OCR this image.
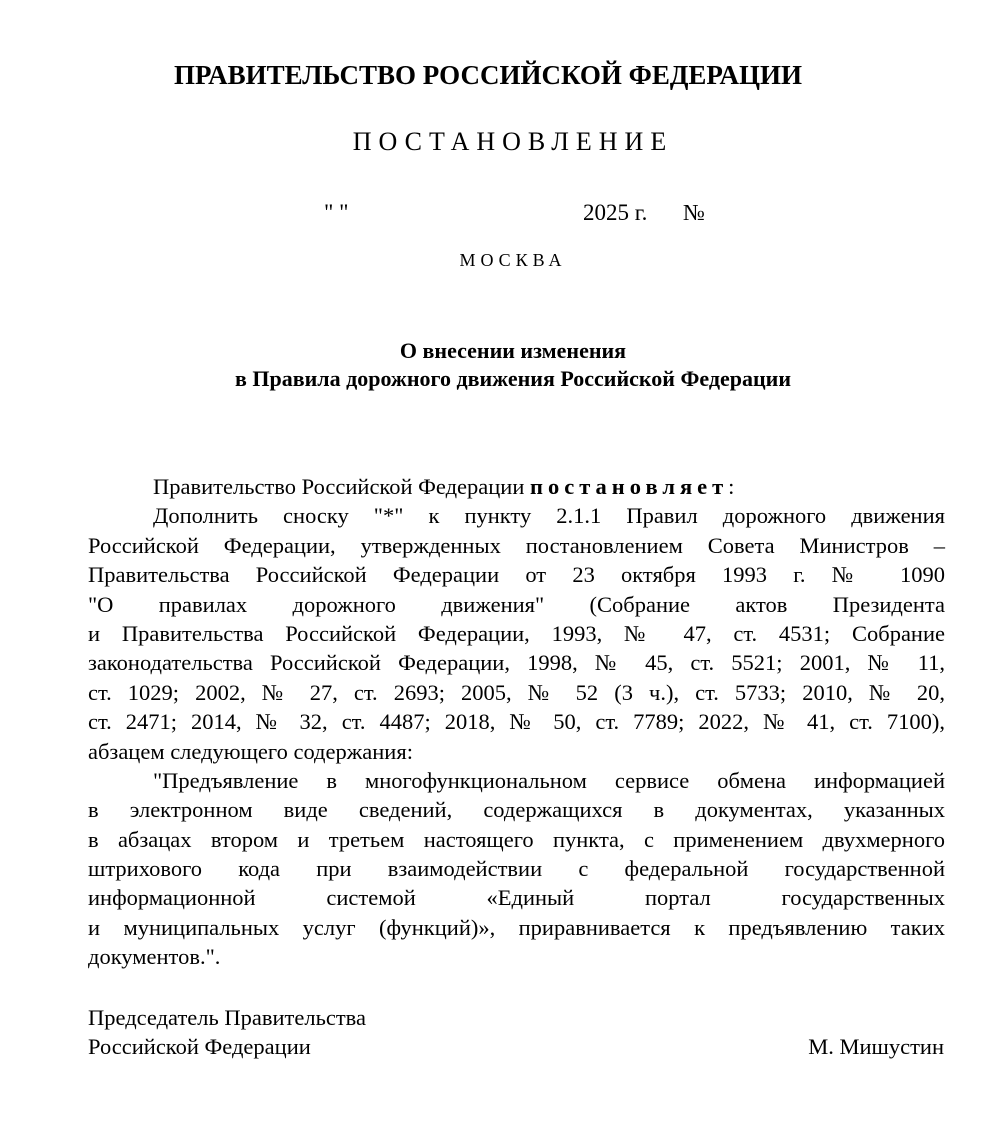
ПРАВИТЕЛЬСТВО РОССИЙСКОЙ ФЕДЕРАЦИИ
ПОСТАНОВЛЕНИЕ
" "	2025 г. №
МОСКВА
О внесении изменения
в Правила дорожного движения Российской Федерации
Правительство Российской Федерации постановляет:
Дополнить сноску "*" к пункту 2.1.1 Правил дорожного движения
Российской Федерации, утвержденных постановлением Совета Министров –
Правительства Российской Федерации от 23 октября 1993 г. № 1090
"О правилах дорожного движения" (Собрание актов Президента
и Правительства Российской Федерации, 1993, № 47, ст. 4531; Собрание
законодательства Российской Федерации, 1998, № 45, ст. 5521; 2001, № 11,
ст. 1029; 2002, № 27, ст. 2693; 2005, № 52 (3 ч.), ст. 5733; 2010, № 20,
ст. 2471; 2014, № 32, ст. 4487; 2018, № 50, ст. 7789; 2022, № 41, ст. 7100),
абзацем следующего содержания:
"Предъявление в многофункциональном сервисе обмена информацией
в электронном виде сведений, содержащихся в документах, указанных
в абзацах втором и третьем настоящего пункта, с применением двухмерного
штрихового кода при взаимодействии с федеральной государственной
информационной системой «Единый портал государственных
и муниципальных услуг (функций)», приравнивается к предъявлению таких
документов.".
Председатель Правительства
Российской Федерации	М. Мишустин
